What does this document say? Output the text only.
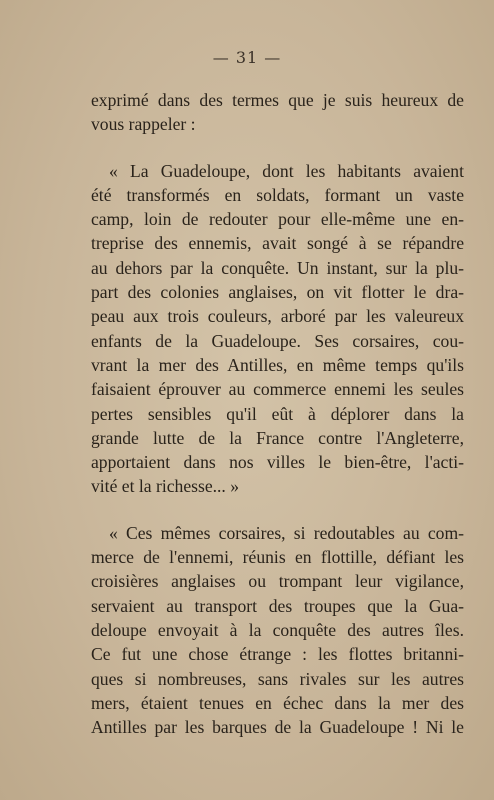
— 31 —
exprimé dans des termes que je suis heureux de
vous rappeler :
« La Guadeloupe, dont les habitants avaient
été transformés en soldats, formant un vaste
camp, loin de redouter pour elle-même une en-
treprise des ennemis, avait songé à se répandre
au dehors par la conquête. Un instant, sur la plu-
part des colonies anglaises, on vit flotter le dra-
peau aux trois couleurs, arboré par les valeureux
enfants de la Guadeloupe. Ses corsaires, cou-
vrant la mer des Antilles, en même temps qu'ils
faisaient éprouver au commerce ennemi les seules
pertes sensibles qu'il eût à déplorer dans la
grande lutte de la France contre l'Angleterre,
apportaient dans nos villes le bien-être, l'acti-
vité et la richesse... »
« Ces mêmes corsaires, si redoutables au com-
merce de l'ennemi, réunis en flottille, défiant les
croisières anglaises ou trompant leur vigilance,
servaient au transport des troupes que la Gua-
deloupe envoyait à la conquête des autres îles.
Ce fut une chose étrange : les flottes britanni-
ques si nombreuses, sans rivales sur les autres
mers, étaient tenues en échec dans la mer des
Antilles par les barques de la Guadeloupe ! Ni le
